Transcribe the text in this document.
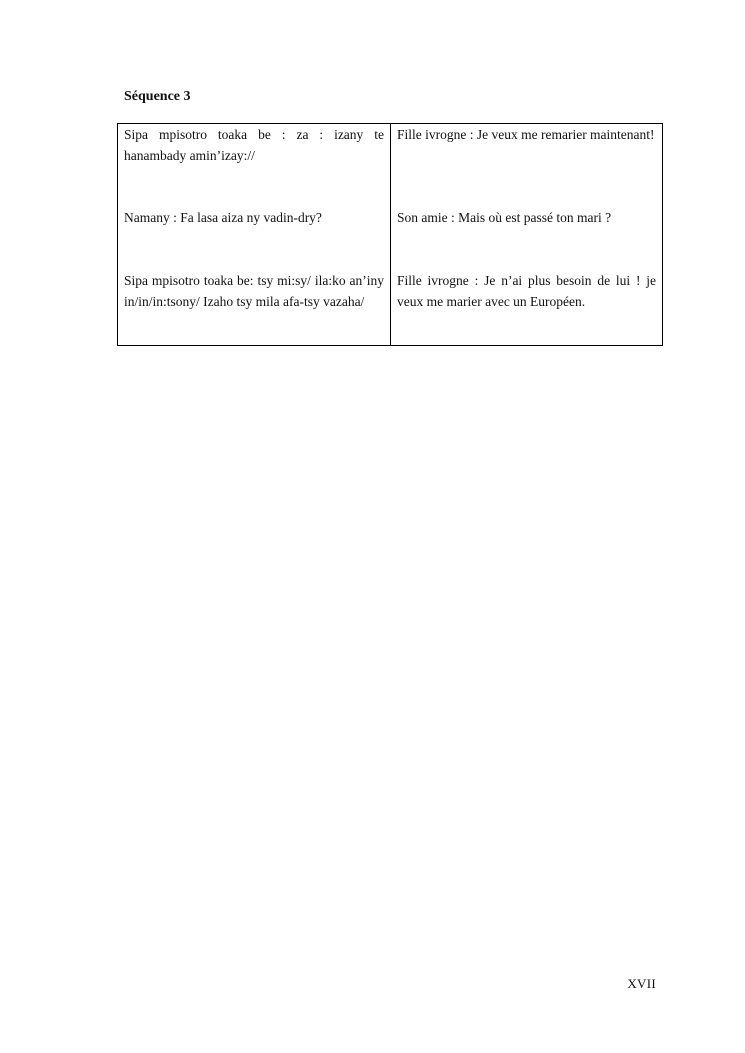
Séquence 3
Sipa mpisotro toaka be : za : izany te hanambady amin’izay://
Namany : Fa lasa aiza ny vadin-dry?
Sipa mpisotro toaka be: tsy mi:sy/ ila:ko an’iny in/in/in:tsony/ Izaho tsy mila afa-tsy vazaha/
Fille ivrogne : Je veux me remarier maintenant!
Son amie : Mais où est passé ton mari ?
Fille ivrogne : Je n’ai plus besoin de lui ! je veux me marier avec un Européen.
XVII
